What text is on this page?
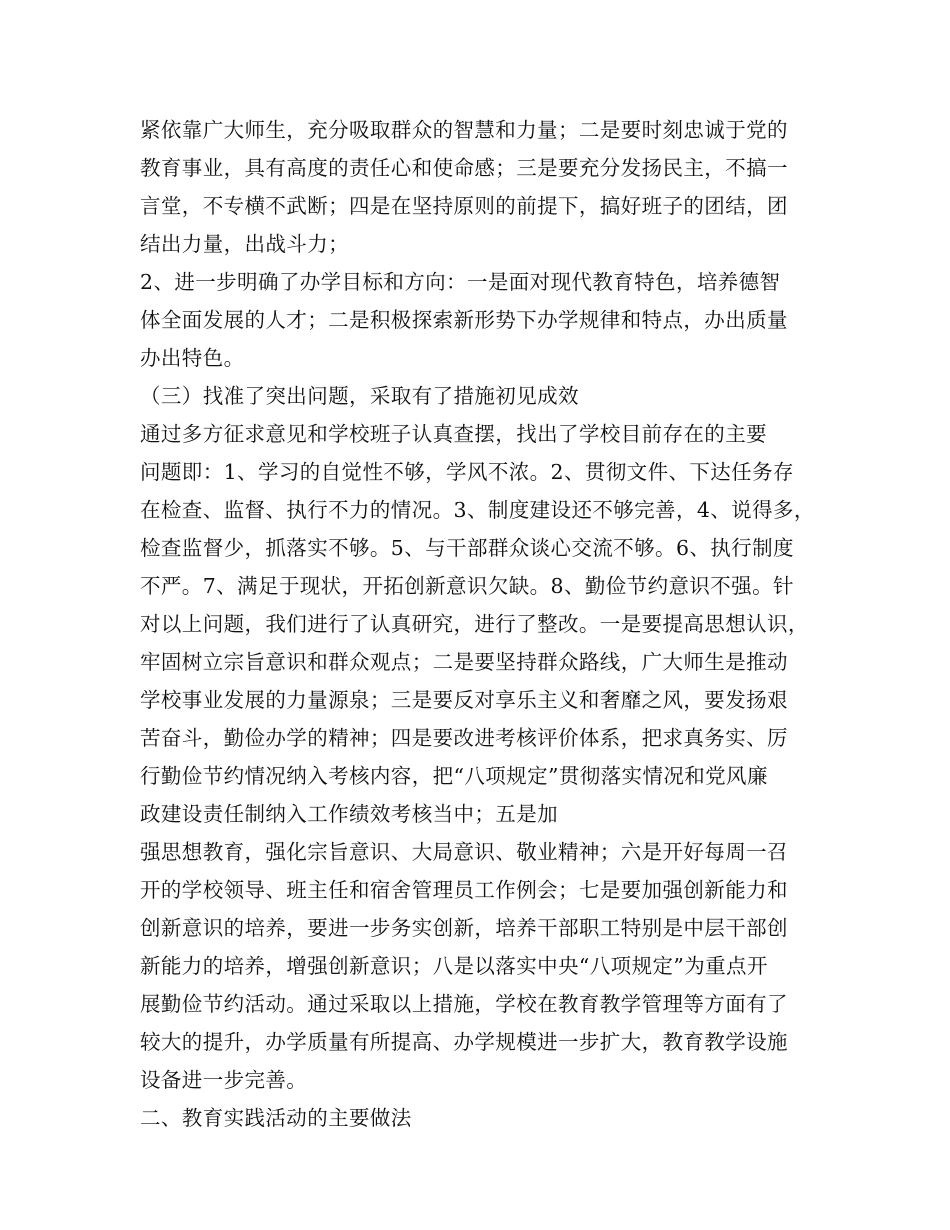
紧依靠广大师生，充分吸取群众的智慧和力量；二是要时刻忠诚于党的
教育事业，具有高度的责任心和使命感；三是要充分发扬民主，不搞一
言堂，不专横不武断；四是在坚持原则的前提下，搞好班子的团结，团
结出力量，出战斗力；
2、进一步明确了办学目标和方向：一是面对现代教育特色，培养德智
体全面发展的人才；二是积极探索新形势下办学规律和特点，办出质量
办出特色。
（三）找准了突出问题，采取有了措施初见成效
通过多方征求意见和学校班子认真查摆，找出了学校目前存在的主要
问题即：1、学习的自觉性不够，学风不浓。2、贯彻文件、下达任务存
在检查、监督、执行不力的情况。3、制度建设还不够完善，4、说得多，
检查监督少，抓落实不够。5、与干部群众谈心交流不够。6、执行制度
不严。7、满足于现状，开拓创新意识欠缺。8、勤俭节约意识不强。针
对以上问题，我们进行了认真研究，进行了整改。一是要提高思想认识，
牢固树立宗旨意识和群众观点；二是要坚持群众路线，广大师生是推动
学校事业发展的力量源泉；三是要反对享乐主义和奢靡之风，要发扬艰
苦奋斗，勤俭办学的精神；四是要改进考核评价体系，把求真务实、厉
行勤俭节约情况纳入考核内容，把“八项规定”贯彻落实情况和党风廉
政建设责任制纳入工作绩效考核当中；五是加
强思想教育，强化宗旨意识、大局意识、敬业精神；六是开好每周一召
开的学校领导、班主任和宿舍管理员工作例会；七是要加强创新能力和
创新意识的培养，要进一步务实创新，培养干部职工特别是中层干部创
新能力的培养，增强创新意识；八是以落实中央“八项规定”为重点开
展勤俭节约活动。通过采取以上措施，学校在教育教学管理等方面有了
较大的提升，办学质量有所提高、办学规模进一步扩大，教育教学设施
设备进一步完善。
二、教育实践活动的主要做法
